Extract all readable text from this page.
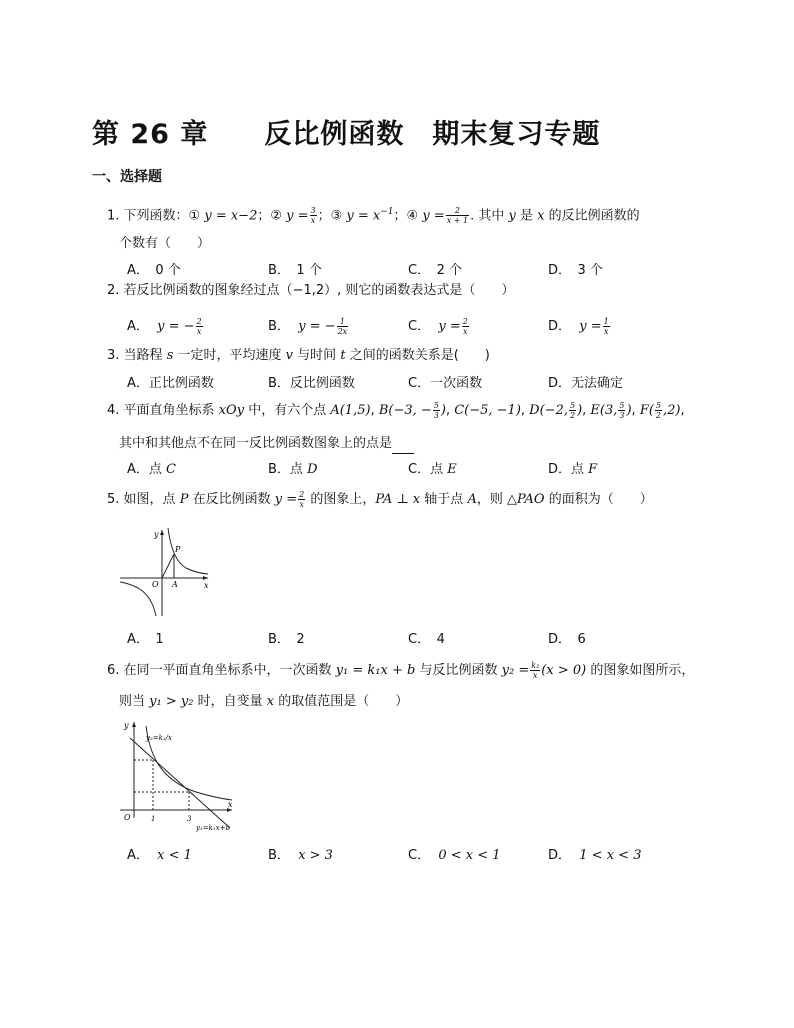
第 26 章　　反比例函数　期末复习专题
一、选择题
1. 下列函数：① y = x−2；② $y = \frac{3}{x}$ ；③ $y = x^{-1}$；④ $y = \frac{2}{x + 1}$ . 其中 y 是 x 的反比例函数的
个数有（　　）
A．　0 个	B．　1 个	C．　2 个	D．　3 个
2. 若反比例函数的图象经过点（−1,2）, 则它的函数表达式是（　　）
A． y = − $\frac{2}{x}$	B． y = − $\frac{1}{2x}$	C． $y = \frac{2}{x}$	D． $y = \frac{1}{x}$
3. 当路程 s 一定时，平均速度 v 与时间 t 之间的函数关系是(　　)
A．正比例函数	B．反比例函数	C．一次函数	D．无法确定
4. 平面直角坐标系 xOy 中，有六个点 A(1,5), B(−3, − $\frac{5}{3}$ ), C(−5, −1), D(−2, $\frac{5}{2}$ ), E(3, $\frac{5}{3}$ ), $F( \frac{5}{2} ,2)$,
其中和其他点不在同一反比例函数图象上的点是
A．点 C	B．点 D	C．点 E	D．点 F
5. 如图，点 P 在反比例函数 $y = \frac{2}{x}$ 的图象上，PA ⊥ x 轴于点 A，则 △PAO 的面积为（　　）
y
x
O A
P
A．　1	B．　2	C．　4	D．　6
6. 在同一平面直角坐标系中，一次函数 y₁ = k₁x + b 与反比例函数 $y_2 = \frac{\text{k₂}}{x} (x > 0)$ 的图象如图所示，
则当 y₁ > y₂ 时，自变量 x 的取值范围是（　　）
y
x
O	1	3
y₂=k₂/x
y₁=k₁x+b
A． x < 1	B． x > 3	C． 0 < x < 1	D． 1 < x < 3
